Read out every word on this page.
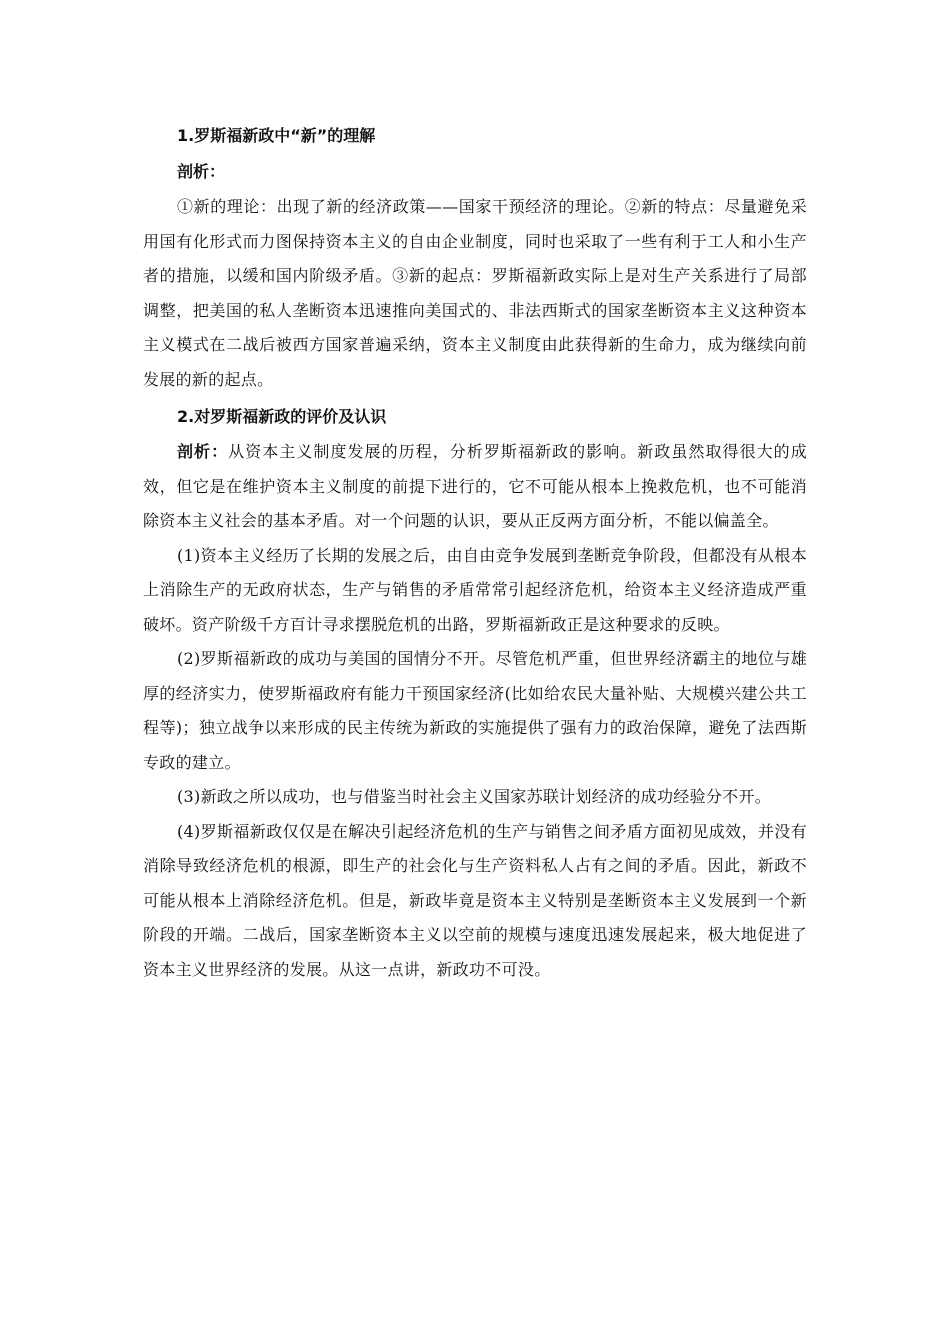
1.罗斯福新政中“新”的理解

剖析：

①新的理论：出现了新的经济政策——国家干预经济的理论。②新的特点：尽量避免采用国有化形式而力图保持资本主义的自由企业制度，同时也采取了一些有利于工人和小生产者的措施，以缓和国内阶级矛盾。③新的起点：罗斯福新政实际上是对生产关系进行了局部调整，把美国的私人垄断资本迅速推向美国式的、非法西斯式的国家垄断资本主义这种资本主义模式在二战后被西方国家普遍采纳，资本主义制度由此获得新的生命力，成为继续向前发展的新的起点。

2.对罗斯福新政的评价及认识

剖析：从资本主义制度发展的历程，分析罗斯福新政的影响。新政虽然取得很大的成效，但它是在维护资本主义制度的前提下进行的，它不可能从根本上挽救危机，也不可能消除资本主义社会的基本矛盾。对一个问题的认识，要从正反两方面分析，不能以偏盖全。

(1)资本主义经历了长期的发展之后，由自由竞争发展到垄断竞争阶段，但都没有从根本上消除生产的无政府状态，生产与销售的矛盾常常引起经济危机，给资本主义经济造成严重破坏。资产阶级千方百计寻求摆脱危机的出路，罗斯福新政正是这种要求的反映。

(2)罗斯福新政的成功与美国的国情分不开。尽管危机严重，但世界经济霸主的地位与雄厚的经济实力，使罗斯福政府有能力干预国家经济(比如给农民大量补贴、大规模兴建公共工程等)；独立战争以来形成的民主传统为新政的实施提供了强有力的政治保障，避免了法西斯专政的建立。

(3)新政之所以成功，也与借鉴当时社会主义国家苏联计划经济的成功经验分不开。

(4)罗斯福新政仅仅是在解决引起经济危机的生产与销售之间矛盾方面初见成效，并没有消除导致经济危机的根源，即生产的社会化与生产资料私人占有之间的矛盾。因此，新政不可能从根本上消除经济危机。但是，新政毕竟是资本主义特别是垄断资本主义发展到一个新阶段的开端。二战后，国家垄断资本主义以空前的规模与速度迅速发展起来，极大地促进了资本主义世界经济的发展。从这一点讲，新政功不可没。
